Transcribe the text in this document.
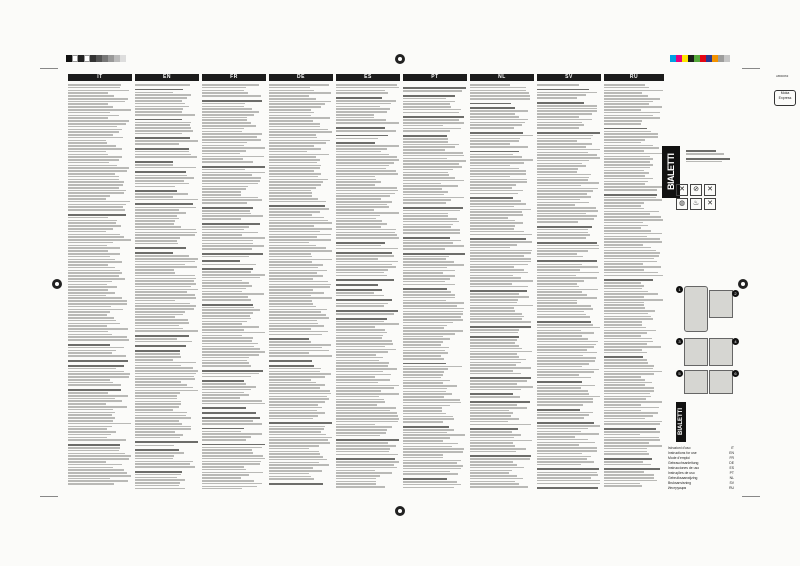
IT	EN	FR	DE	ES	PT	NL	SV	RU
Moka Express
AB00063
BIALETTI ✕	⊘	✕
◍	♨	✕
1
2
3	4
5	6
BIALETTI
Istruzioni d'uso	IT
Instructions for use	EN
Mode d'emploi	FR
Gebrauchsanleitung	DE
Instrucciones de uso	ES
Instruções de uso	PT
Gebruiksaanwijzing	NL
Bruksanvisning	SV
Инструкция	RU
